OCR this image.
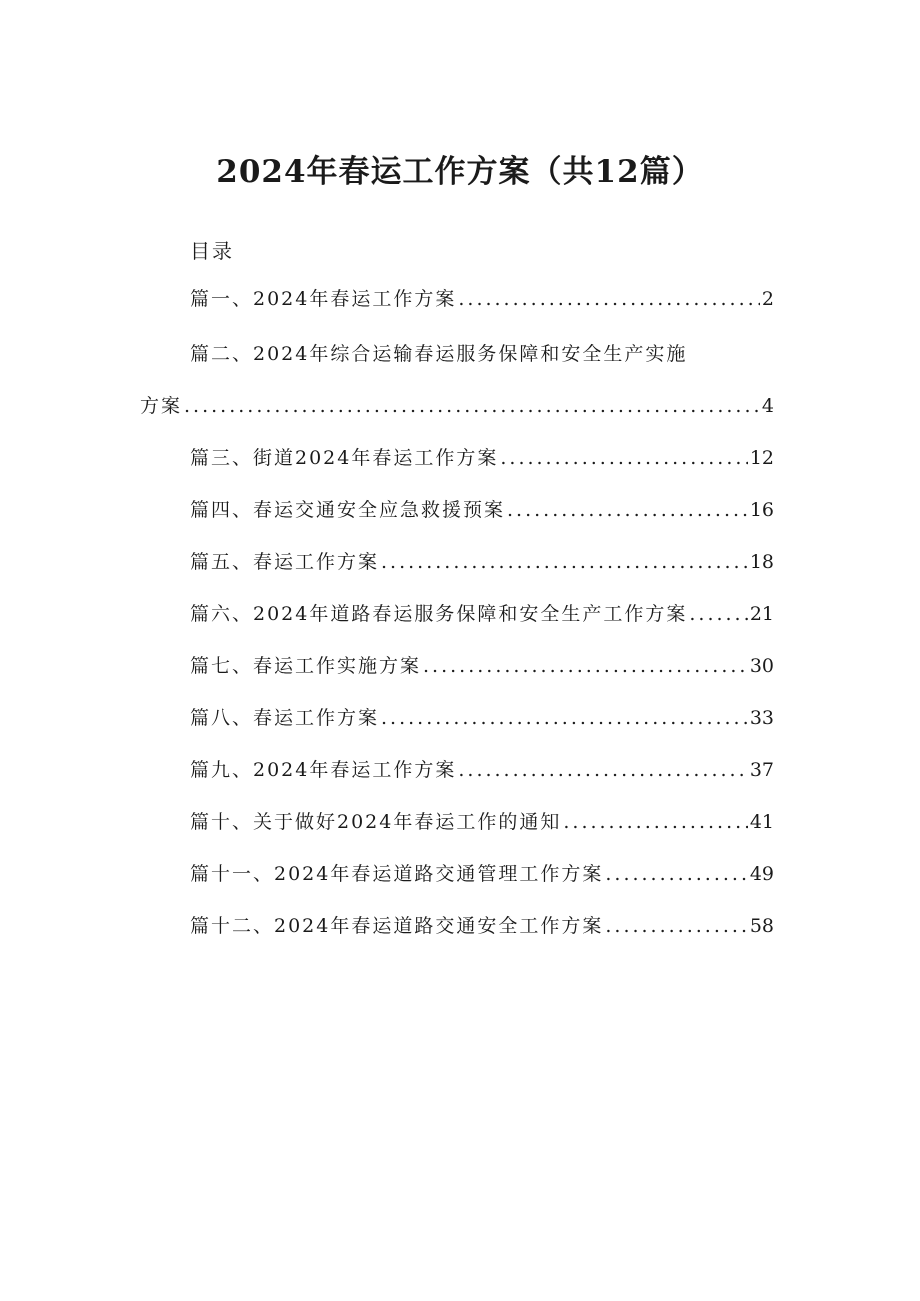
2024年春运工作方案（共12篇）
目录
篇一、2024年春运工作方案 .....	2
篇二、2024年综合运输春运服务保障和安全生产实施
方案 .....	4
篇三、街道2024年春运工作方案 .....	12
篇四、春运交通安全应急救援预案 .....	16
篇五、春运工作方案 .....	18
篇六、2024年道路春运服务保障和安全生产工作方案 .....	21
篇七、春运工作实施方案 .....	30
篇八、春运工作方案 .....	33
篇九、2024年春运工作方案 .....	37
篇十、关于做好2024年春运工作的通知 .....	41
篇十一、2024年春运道路交通管理工作方案 .....	49
篇十二、2024年春运道路交通安全工作方案 .....	58
